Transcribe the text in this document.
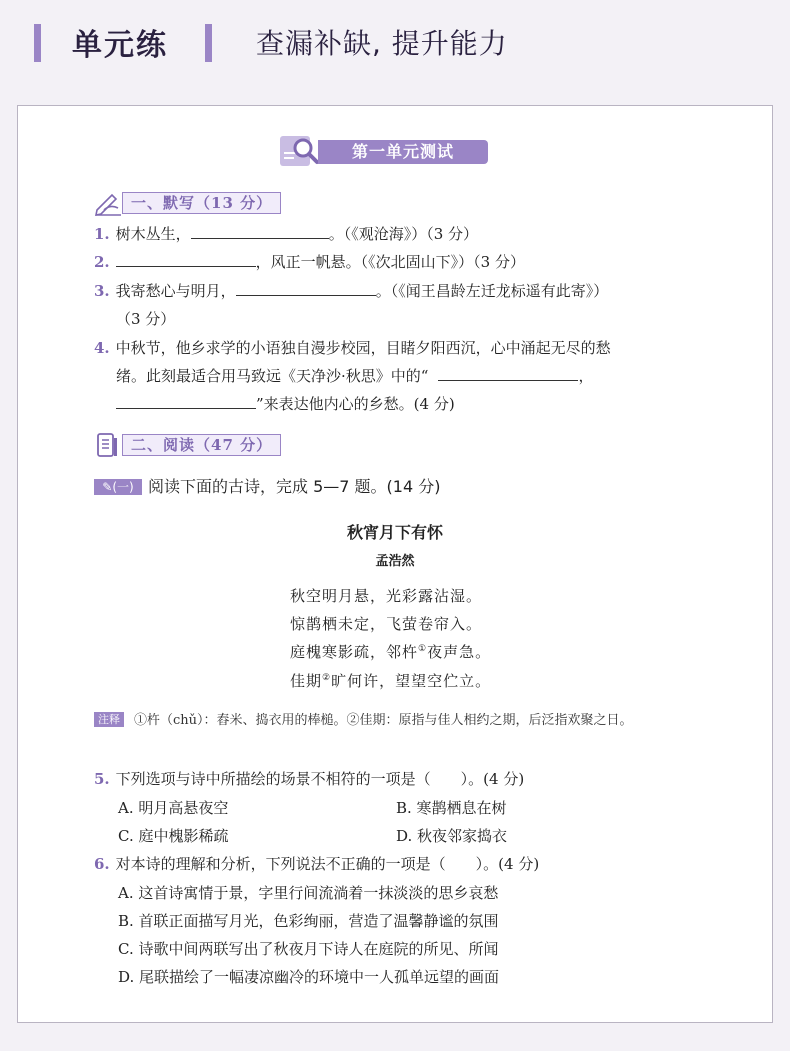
单元练	查漏补缺, 提升能力
第一单元测试
一、默写（13 分）
1. 树木丛生，	。（《观沧海》）（3 分）
2.	，风正一帆悬。（《次北固山下》）（3 分）
3. 我寄愁心与明月，	。（《闻王昌龄左迁龙标遥有此寄》）
（3 分）
4. 中秋节，他乡求学的小语独自漫步校园，目睹夕阳西沉，心中涌起无尽的愁
绪。此刻最适合用马致远《天净沙·秋思》中的“	，
”来表达他内心的乡愁。(4 分)
二、阅读（47 分）
✎(一) 阅读下面的古诗，完成 5—7 题。(14 分)
秋宵月下有怀
孟浩然
秋空明月悬，光彩露沾湿。
惊鹊栖未定，飞萤卷帘入。
庭槐寒影疏，邻杵①夜声急。
佳期②旷何许，望望空伫立。
注释 ①杵（chǔ）：舂米、捣衣用的棒槌。②佳期：原指与佳人相约之期，后泛指欢聚之日。
5. 下列选项与诗中所描绘的场景不相符的一项是（　　）。(4 分)
A. 明月高悬夜空	B. 寒鹊栖息在树
C. 庭中槐影稀疏	D. 秋夜邻家捣衣
6. 对本诗的理解和分析，下列说法不正确的一项是（　　）。(4 分)
A. 这首诗寓情于景，字里行间流淌着一抹淡淡的思乡哀愁
B. 首联正面描写月光，色彩绚丽，营造了温馨静谧的氛围
C. 诗歌中间两联写出了秋夜月下诗人在庭院的所见、所闻
D. 尾联描绘了一幅凄凉幽冷的环境中一人孤单远望的画面
